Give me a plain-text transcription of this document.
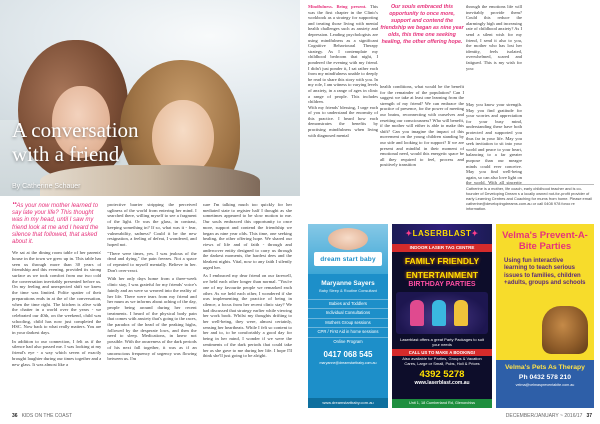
A conversation
with a friend
By Catherine Schauer
“As your now mother learned to say late your life? This thought was in my head, until I saw my friend look at me and I heard the silence that followed, that asked about it.

We sat at the dining room table of her parents' house in the town we grew up in. This table has seen us through more than 30 years of friendship and this evening, provided its strong surface as we took comfort from our two cold the conversation inevitably presented before us. On my feeling and unexpected shift we knew the time was limited. Polite spatter of their preparations ends in at the of the conversation, when the time right. The kitchen is alive with the chatter in a world over the years - we celebrated our 40th, on the weekend, child was schooling, child has now just completed the HSC. Now back to what really matters. You are in your darkest days.

In addition to our connection, I felt as if the silence had also passed me. I was looking at my friend's eye - a way which seven of exactly brought laughter during our times together and a new glass. It was almost like a

protective barrier stripping the perceived ugliness of the world from entering her mind. I searched there, willing myself to see a fragment of the light. Or was the glass, in contrast, keeping something in? If so, what was it - fear, vulnerability, sadness? Could it be the new resignation, a feeling of defeat, I wondered, and hoped not.

"There were times, yes. I was jealous of the dead and dying," the pain freezes. Not a space of repeated to myself mentally. Believe in her. Don't over-react.

With her only days home from a three-week clinic stay, I was grateful for my friends' voice's faintly and an were so weaved into the reality of her life. There were tears from my friend and her mum as we informs about aching of the day, people being around during her recent treatments. I heard of the physical body pain that comes with anxiety that's going to the races, the paradox of the head of the peaking highs, followed by the desperate lows, and then the need to sleep. Medications, in knew not possible. With the awareness of the dark periods of his next fall together, it was as if an unconscious frequency of urgency was flowing between us. I'm

sure I'm talking much too quickly for her mediated state to register half I thought as she sometimes appeared to be slow motion to me. Our souls embraced this opportunity to once more, support and contend the friendship we began as nine year olds. This time, one seeking healing, the other offering hope. We shared our views of life and of faith - through and undercover entity designed to carry us through the darkest moments, the hardest dees and the bleakest nights. Vital, now to any faith I silently urged her.

As I embraced my dear friend on our farewell, we held each other longer than normal. "You're one of my favourite people we remarked each other. As we held each other, I wondered if she was implementing the practice of being in silence, a focus from her recent clinic stay? We had discussed that strategy earlier while viewing her work book. Whilst my thoughts drifting to her well-being, they were, almost certainly, sensing her heartbeats. While I felt so content to her and to, to be comfortably a good day for being in her mind, I wonder if we were the sentiments of the dark periods that could take her as she gave to me during her life. I hope I'll think she'll just going to be alright.

36 KIDS ON THE COAST
Mindfulness. Being present. This was the first chapter in the Clinic's workbook as a strategy for supporting and treating those living with mental health challenges such as anxiety and depression. Leading psychologists are using mindfulness as a significant Cognitive Behavioural Therapy strategy. As I contemplate my childhood bedroom that night, I pondered the evening with my friend. I didn't just ponder it, I sat rather each from my mindfulness unable to deeply be read to share this story with you. In my role, I am witness to varying levels of anxiety, in a range of ages in clinic a range of people. This includes children.
With my friends' blessing, I urge each of you to understand the enormity of this practice. I heard how each demonstrates the benefits by practising mindfulness when living with diagnosed mental
Our souls embraced this opportunity to once more, support and contend the friendship we began as nine year olds, this time one seeking healing, the other offering hope.
health conditions, what would be the benefit for the remainder of the population? Can I suggest we take at least one learning from the strength of my friend? We can embrace the practice of presence, for the power of meeting our brains, reconnecting with ourselves and resetting our consciousness? Who will benefit, if the mother will either is able to make this shift? Can you imagine the impact of this movement on the young children standing by our side and looking to for support? If we are present and mindful in their moment of emotional need, would this energetic space be all they required to feel, process and positively transition
through the emotions life will inevitably provide them? Could this reduce the alarmingly high and increasing rate of childhood anxiety? As I send a silent wish for my friend, I send it also to you, the mother who has lost her identity, feels isolated, overwhelmed, scared and fatigued. This is my wish for you:
May you know your strength. May you find gratitude for your worries and appreciation for your busy mind, understanding these have both protected and supported you thus far in your life. May you seek invitation to sit into your world and peace to your heart, balancing to a far greater purpose than our meagre minds could ever conceive. May you find well-being again, so can also love light on the world. With all sincerity
Catherine is a mother, life coach, early childhood teacher and is co-founder of Developing Dream s a locally owned not-for-profit provider of early Learning Centres and Coaching for mums from home. Please email catherine@developingdreams.com.au or call 0408 978 foroo re information.
dream start baby
Maryanne Sayers
Baby Sleep & Routine Consultant
Babies and Toddlers
Individual Consultations
Mothers Group sessions
CPR / First Aid in home sessions
Online Program
0417 068 545
maryanne@dreamstartbaby.com.au
www.dreamstartbaby.com.au
✦LASERBLAST✦
INDOOR LASER TAG CENTRE
FAMILY FRIENDLY
ENTERTAINMENT
BIRTHDAY PARTIES
Laserblast offers a great Party Packages to suit your needs
CALL US TO MAKE A BOOKING!
Also available for Parties, Groups & Vacation Cares, Large or Small, Pubs, Holi & Prices
4392 5278
www.laserblast.com.au
Unit 1, 18 Cumberland Rd, Glenorchiss
Velma's Prevent-A-Bite Parties
Using fun interactive learning to teach serious issues to families, children +adults, groups and schools
Velma's Pets As Therapy
Ph 0432 578 210
velma@velmaspreventabite.com.au
DECEMBER/JANUARY ~ 2016/17 37
